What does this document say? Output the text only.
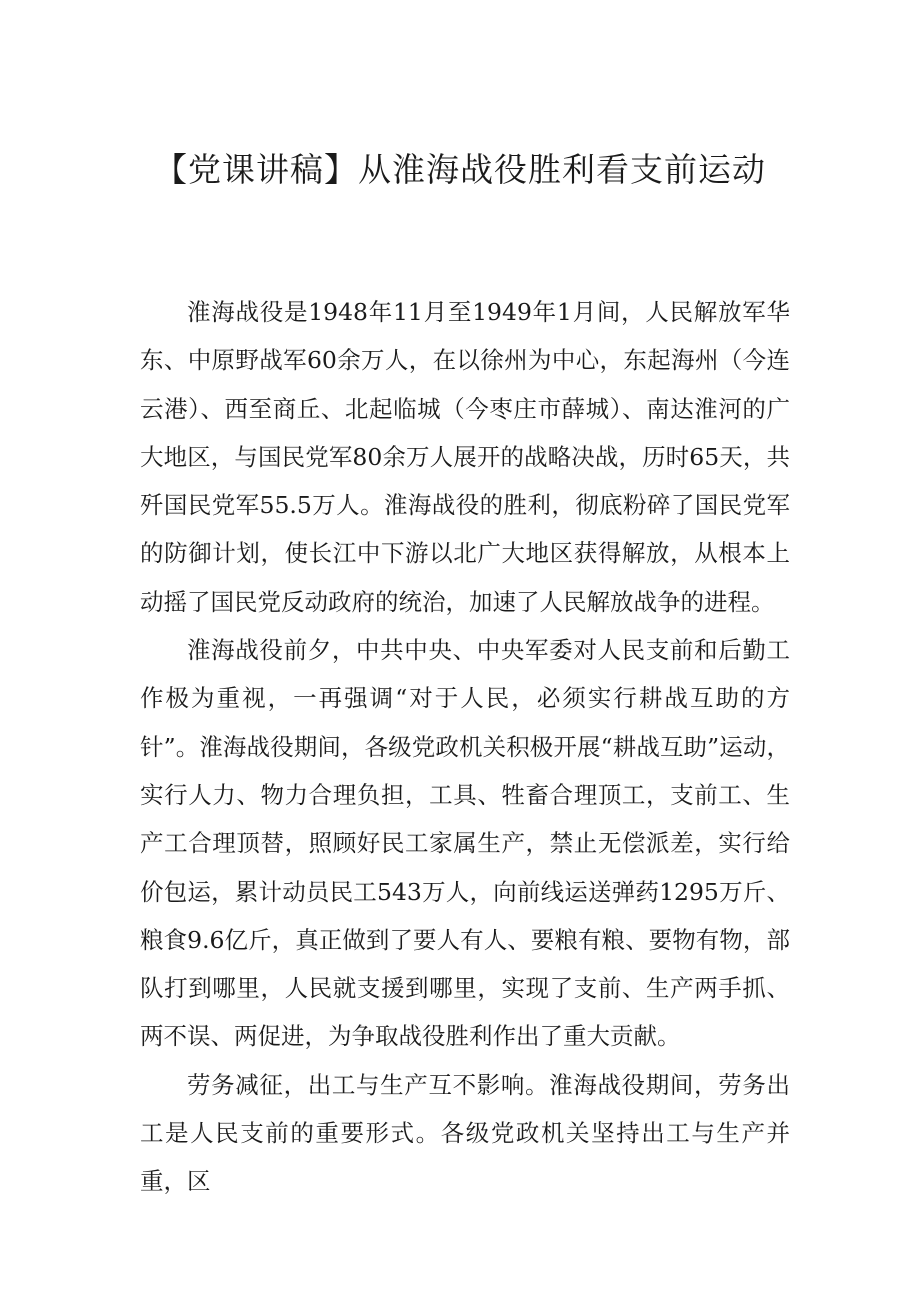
【党课讲稿】从淮海战役胜利看支前运动

淮海战役是1948年11月至1949年1月间，人民解放军华东、中原野战军60余万人，在以徐州为中心，东起海州（今连云港）、西至商丘、北起临城（今枣庄市薛城）、南达淮河的广大地区，与国民党军80余万人展开的战略决战，历时65天，共歼国民党军55.5万人。淮海战役的胜利，彻底粉碎了国民党军的防御计划，使长江中下游以北广大地区获得解放，从根本上动摇了国民党反动政府的统治，加速了人民解放战争的进程。

淮海战役前夕，中共中央、中央军委对人民支前和后勤工作极为重视，一再强调“对于人民，必须实行耕战互助的方针”。淮海战役期间，各级党政机关积极开展“耕战互助”运动，实行人力、物力合理负担，工具、牲畜合理顶工，支前工、生产工合理顶替，照顾好民工家属生产，禁止无偿派差，实行给价包运，累计动员民工543万人，向前线运送弹药1295万斤、粮食9.6亿斤，真正做到了要人有人、要粮有粮、要物有物，部队打到哪里，人民就支援到哪里，实现了支前、生产两手抓、两不误、两促进，为争取战役胜利作出了重大贡献。

劳务减征，出工与生产互不影响。淮海战役期间，劳务出工是人民支前的重要形式。各级党政机关坚持出工与生产并重，区
